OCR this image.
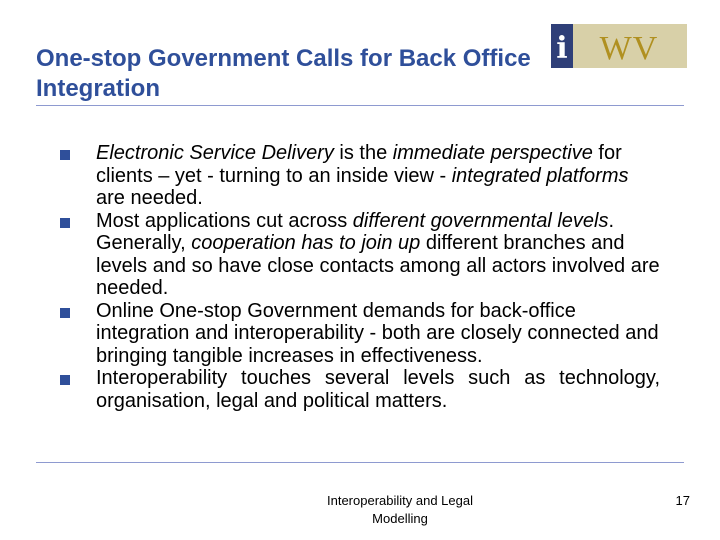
One-stop Government Calls for Back Office Integration
i WV
Electronic Service Delivery is the immediate perspective for clients – yet - turning to an inside view - integrated platforms are needed.
Most applications cut across different governmental levels. Generally, cooperation has to join up different branches and levels and so have close contacts among all actors involved are needed.
Online One-stop Government demands for back-office integration and interoperability - both are closely connected and bringing tangible increases in effectiveness.
Interoperability touches several levels such as technology, organisation, legal and political matters.
Interoperability and Legal
Modelling
17
